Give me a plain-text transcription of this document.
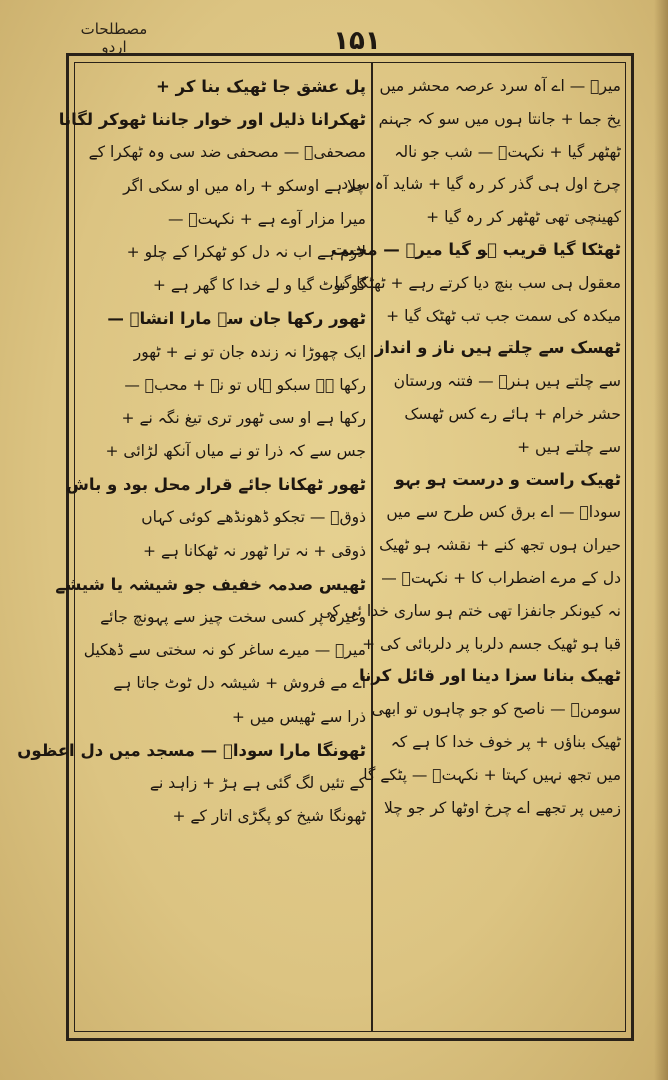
مصطلحات اردو	۱۵۱
میرؔ — اے آہ سرد عرصہ محشر میں
یخ جما + جانتا ہوں میں سو کہ جہنم
ٹھٹھر گیا + نکہتؔ — شب جو نالہ
چرخ اول ہی گذر کر رہ گیا + شاید آہ سرد
کھینچی تھی ٹھٹھر کر رہ گیا +
ٹھٹکا گیا قریب ہو گیا میرؔ — محبت
معقول ہی سب بنچ دیا کرتے رہے + ٹھٹکا گیا
میکدہ کی سمت جب تب ٹھٹک گیا +
ٹھسک سے چلتے ہیں ناز و انداز
سے چلتے ہیں ہنرؔ — فتنہ ورستان
حشر خرام + ہائے رے کس ٹھسک
سے چلتے ہیں +
ٹھیک راست و درست ہو بہو
سوداؔ — اے برق کس طرح سے میں
حیران ہوں تجھ کنے + نقشہ ہو ٹھیک
دل کے مرے اضطراب کا + نکہتؔ —
نہ کیونکر جانفزا تھی ختم ہو ساری خدا ئی کی
قبا ہو ٹھیک جسم دلربا پر دلربائی کی +
ٹھیک بنانا سزا دینا اور قائل کرنا
سومنؔ — ناصح کو جو چاہوں تو ابھی
ٹھیک بناؤں + پر خوف خدا کا ہے کہ
میں تجھ نہیں کہتا + نکہتؔ — پٹکے گا
زمیں پر تجھے اے چرخ اوٹھا کر جو چلا
پل عشق جا ٹھیک بنا کر +
ٹھکرانا ذلیل اور خوار جاننا ٹھوکر لگانا
مصحفیؔ — مصحفی ضد سی وہ ٹھکرا کے
چلا ہے اوسکو + راہ میں او سکی اگر
میرا مزار آوے ہے + نکہتؔ —
لازم ہے اب نہ دل کو ٹھکرا کے چلو +
گو نوٹ گیا و لے خدا کا گھر ہے +
ٹھور رکھا جان سے مارا انشاؔ —
ایک چھوڑا نہ زندہ جان تو نے + ٹھور
رکھا ہے سبکو ہاں تو نے + محبؔ —
رکھا ہے او سی ٹھور تری تیغ نگہ نے +
جس سے کہ ذرا تو نے میاں آنکھ لڑائی +
ٹھور ٹھکانا جائے قرار محل بود و باش
ذوقؔ — تجکو ڈھونڈھے کوئی کہاں
ذوقی + نہ ترا ٹھور نہ ٹھکانا ہے +
ٹھیس صدمہ خفیف جو شیشہ یا شیشے
وغیرہ پر کسی سخت چیز سے پہونچ جائے
میرؔ — میرے ساغر کو نہ سختی سے ڈھکیل
اے مے فروش + شیشہ دل ٹوٹ جاتا ہے
ذرا سے ٹھیس میں +
ٹھونگا مارا سوداؔ — مسجد میں دل اعظوں
کے تئیں لگ گئی ہے ہڑ + زاہد نے
ٹھونگا شیخ کو پگڑی اتار کے +
